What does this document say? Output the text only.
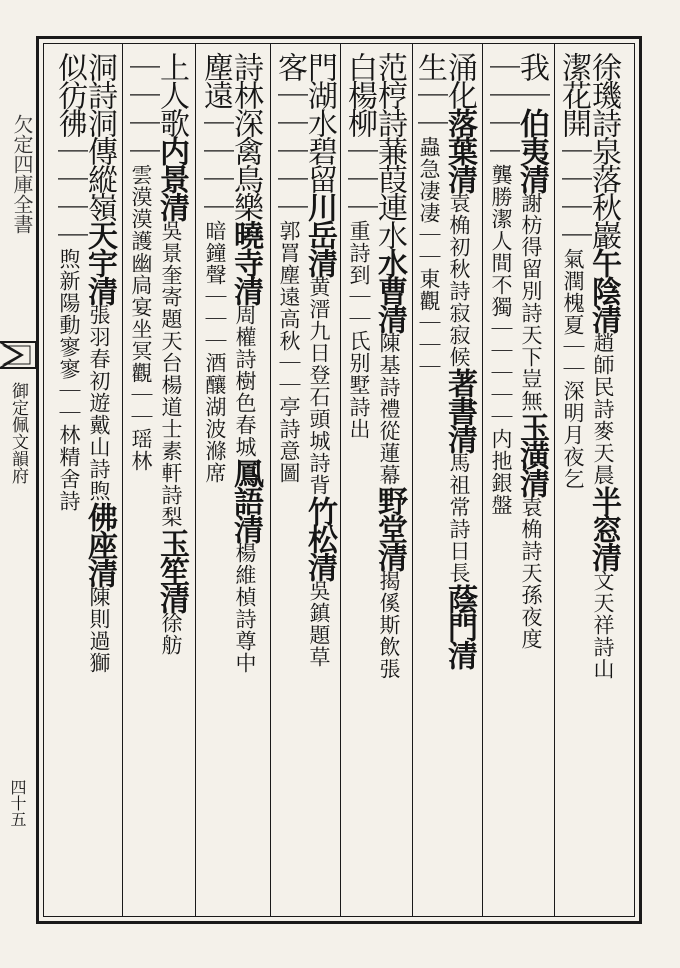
欠定四庫全書
御定佩文韻府
四十五
徐璣詩泉落秋巖午陰清趙師民詩麥天晨半窓清文天祥詩山
潔花開｜｜｜｜氣潤槐夏｜｜深明月夜乞
我｜伯夷清謝枋得留別詩天下豈無玉潢清袁桷詩天孫夜度
｜｜｜｜龔勝潔人間不獨｜｜｜｜｜内扡銀盤
涌化落葉清袁桷初秋詩寂寂候著書清馬祖常詩日長蔭門清
生｜｜蟲急凄凄｜｜東觀｜｜｜
范梈詩蒹葭連水水曹清陳基詩禮從蓮幕野堂清揭傒斯飲張
白楊柳｜｜｜重詩到｜｜氏别墅詩出
門湖水碧留川岳清黄溍九日登石頭城詩背竹松清吳鎮題草
客｜｜｜｜｜郭罥塵遠高秋｜｜亭詩意圖
詩林深禽鳥樂曉寺清周權詩樹色春城鳳語清楊維楨詩尊中
塵遠｜｜｜｜暗鐘聲｜｜｜酒釀湖波滌席
上人歌内景清吳景奎寄題天台楊道士素軒詩梨玉笙清徐舫
｜｜｜｜雲漠漠護幽扃宴坐冥觀｜｜瑶林
洞詩洞傳縱嶺天宇清張羽春初遊戴山詩煦佛座清陳則過獅
似彷彿｜｜｜｜煦新陽動寥寥｜｜林精舍詩
